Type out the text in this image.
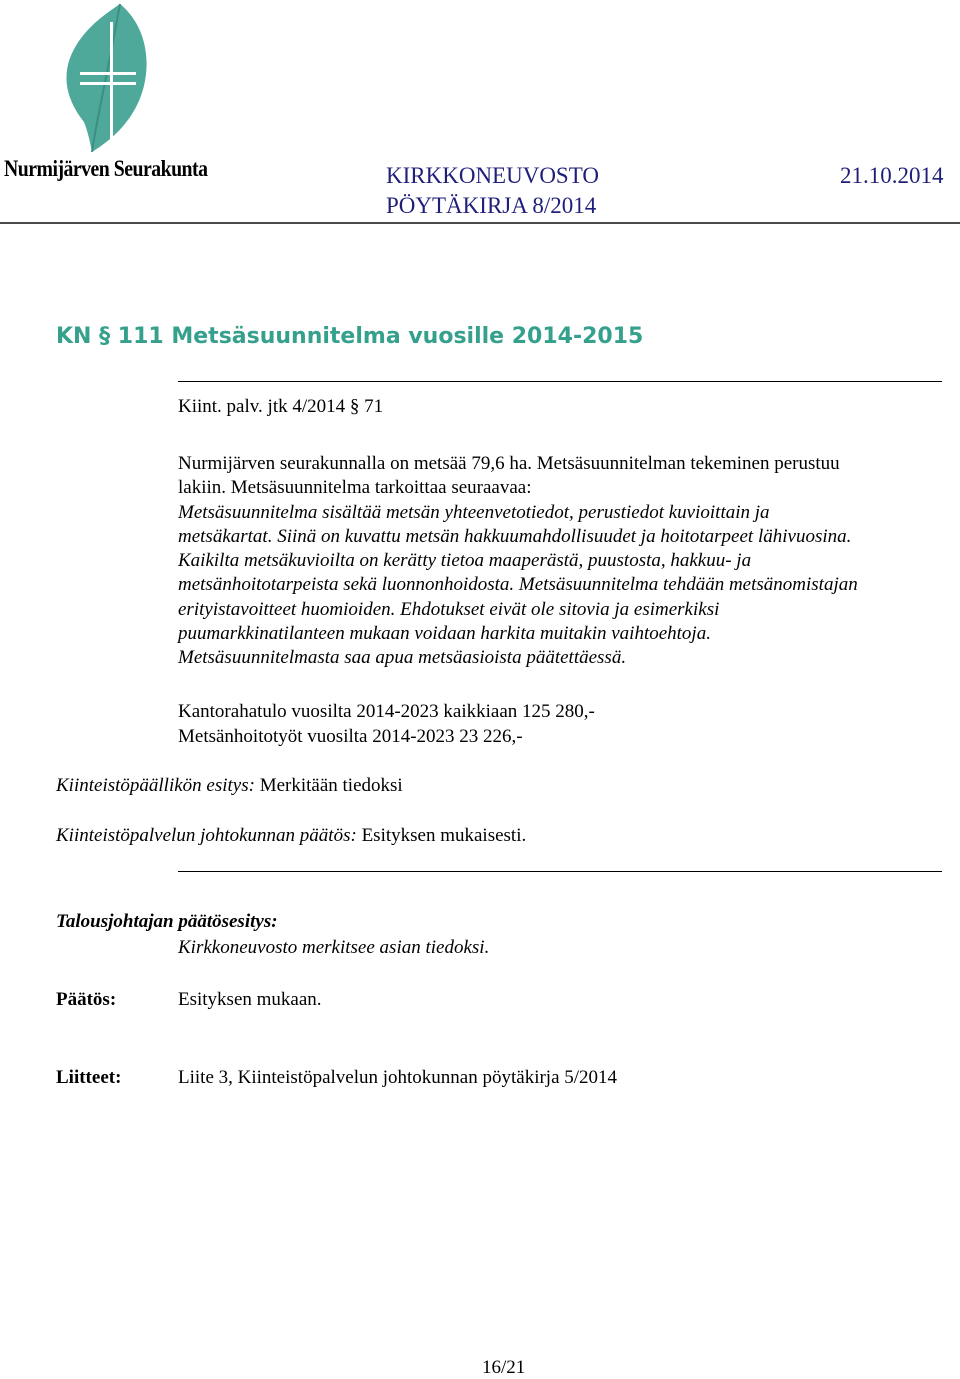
Nurmijärven Seurakunta	KIRKKONEUVOSTO
PÖYTÄKIRJA 8/2014
21.10.2014
KN § 111 Metsäsuunnitelma vuosille 2014-2015
Kiint. palv. jtk 4/2014 § 71

Nurmijärven seurakunnalla on metsää 79,6 ha. Metsäsuunnitelman tekeminen perustuu

lakiin. Metsäsuunnitelma tarkoittaa seuraavaa:

Metsäsuunnitelma sisältää metsän yhteenvetotiedot, perustiedot kuvioittain ja

metsäkartat. Siinä on kuvattu metsän hakkuumahdollisuudet ja hoitotarpeet lähivuosina.

Kaikilta metsäkuvioilta on kerätty tietoa maaperästä, puustosta, hakkuu- ja

metsänhoitotarpeista sekä luonnonhoidosta. Metsäsuunnitelma tehdään metsänomistajan

erityistavoitteet huomioiden. Ehdotukset eivät ole sitovia ja esimerkiksi

puumarkkinatilanteen mukaan voidaan harkita muitakin vaihtoehtoja.

Metsäsuunnitelmasta saa apua metsäasioista päätettäessä.

Kantorahatulo vuosilta 2014-2023 kaikkiaan 125 280,-
Metsänhoitotyöt vuosilta 2014-2023 23 226,-
Kiinteistöpäällikön esitys: Merkitään tiedoksi
Kiinteistöpalvelun johtokunnan päätös: Esityksen mukaisesti.
Talousjohtajan päätösesitys:
Kirkkoneuvosto merkitsee asian tiedoksi.
Päätös:	Esityksen mukaan.
Liitteet:	Liite 3, Kiinteistöpalvelun johtokunnan pöytäkirja 5/2014
16/21
